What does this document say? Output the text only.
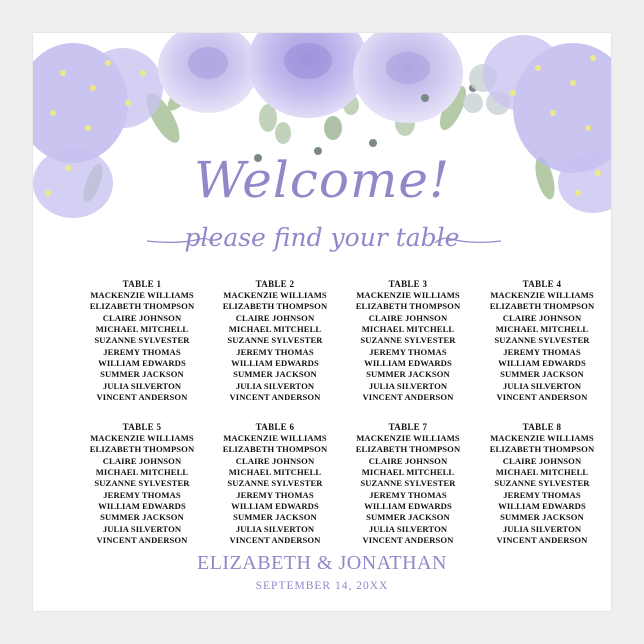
Welcome!
please find your table
TABLE 1
MACKENZIE WILLIAMS
ELIZABETH THOMPSON
CLAIRE JOHNSON
MICHAEL MITCHELL
SUZANNE SYLVESTER
JEREMY THOMAS
WILLIAM EDWARDS
SUMMER JACKSON
JULIA SILVERTON
VINCENT ANDERSON
TABLE 2
MACKENZIE WILLIAMS
ELIZABETH THOMPSON
CLAIRE JOHNSON
MICHAEL MITCHELL
SUZANNE SYLVESTER
JEREMY THOMAS
WILLIAM EDWARDS
SUMMER JACKSON
JULIA SILVERTON
VINCENT ANDERSON
TABLE 3
MACKENZIE WILLIAMS
ELIZABETH THOMPSON
CLAIRE JOHNSON
MICHAEL MITCHELL
SUZANNE SYLVESTER
JEREMY THOMAS
WILLIAM EDWARDS
SUMMER JACKSON
JULIA SILVERTON
VINCENT ANDERSON
TABLE 4
MACKENZIE WILLIAMS
ELIZABETH THOMPSON
CLAIRE JOHNSON
MICHAEL MITCHELL
SUZANNE SYLVESTER
JEREMY THOMAS
WILLIAM EDWARDS
SUMMER JACKSON
JULIA SILVERTON
VINCENT ANDERSON
TABLE 5
MACKENZIE WILLIAMS
ELIZABETH THOMPSON
CLAIRE JOHNSON
MICHAEL MITCHELL
SUZANNE SYLVESTER
JEREMY THOMAS
WILLIAM EDWARDS
SUMMER JACKSON
JULIA SILVERTON
VINCENT ANDERSON
TABLE 6
MACKENZIE WILLIAMS
ELIZABETH THOMPSON
CLAIRE JOHNSON
MICHAEL MITCHELL
SUZANNE SYLVESTER
JEREMY THOMAS
WILLIAM EDWARDS
SUMMER JACKSON
JULIA SILVERTON
VINCENT ANDERSON
TABLE 7
MACKENZIE WILLIAMS
ELIZABETH THOMPSON
CLAIRE JOHNSON
MICHAEL MITCHELL
SUZANNE SYLVESTER
JEREMY THOMAS
WILLIAM EDWARDS
SUMMER JACKSON
JULIA SILVERTON
VINCENT ANDERSON
TABLE 8
MACKENZIE WILLIAMS
ELIZABETH THOMPSON
CLAIRE JOHNSON
MICHAEL MITCHELL
SUZANNE SYLVESTER
JEREMY THOMAS
WILLIAM EDWARDS
SUMMER JACKSON
JULIA SILVERTON
VINCENT ANDERSON
ELIZABETH & JONATHAN
SEPTEMBER 14, 20XX
